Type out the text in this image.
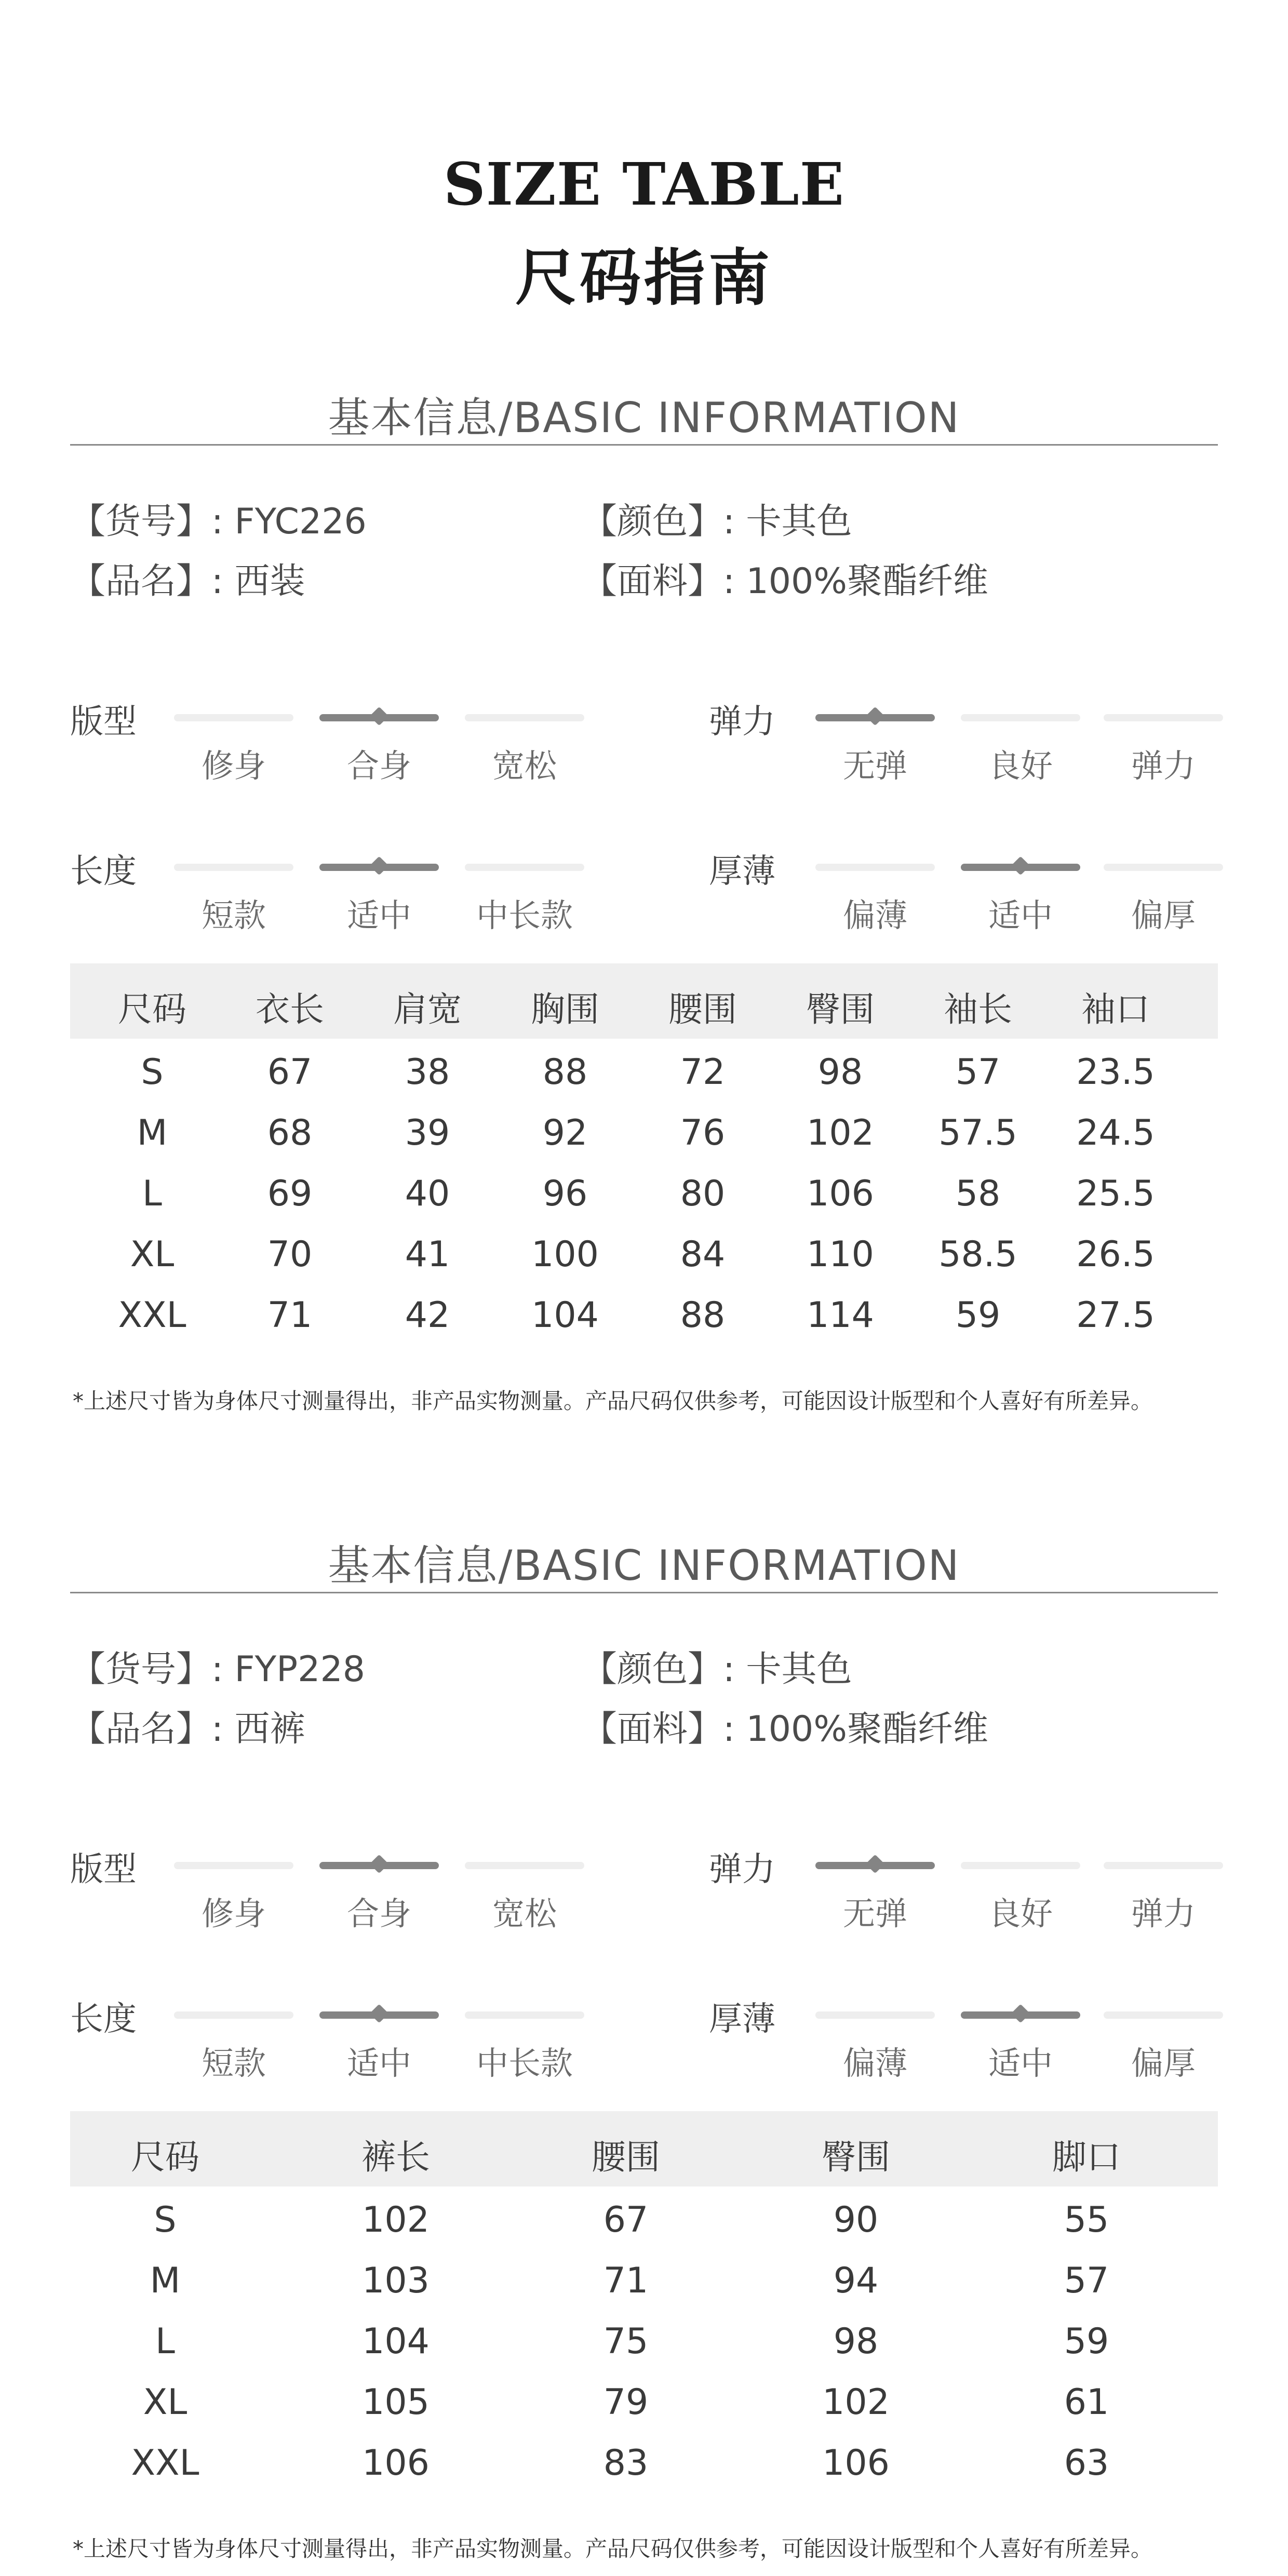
SIZE TABLE
尺码指南
基本信息/BASIC INFORMATION
【货号】: FYC226	【颜色】: 卡其色
【品名】: 西装	【面料】: 100%聚酯纤维
版型
修身	合身	宽松
弹力
无弹	良好	弹力
长度
短款	适中	中长款
厚薄
偏薄	适中	偏厚
尺码	衣长	肩宽	胸围	腰围	臀围	袖长	袖口
S	67	38	88	72	98	57	23.5
M	68	39	92	76	102	57.5	24.5
L	69	40	96	80	106	58	25.5
XL	70	41	100	84	110	58.5	26.5
XXL	71	42	104	88	114	59	27.5
*上述尺寸皆为身体尺寸测量得出，非产品实物测量。产品尺码仅供参考，可能因设计版型和个人喜好有所差异。
基本信息/BASIC INFORMATION
【货号】: FYP228	【颜色】: 卡其色
【品名】: 西裤	【面料】: 100%聚酯纤维
版型
修身	合身	宽松
弹力
无弹	良好	弹力
长度
短款	适中	中长款
厚薄
偏薄	适中	偏厚
尺码	裤长	腰围	臀围	脚口
S	102	67	90	55
M	103	71	94	57
L	104	75	98	59
XL	105	79	102	61
XXL	106	83	106	63
*上述尺寸皆为身体尺寸测量得出，非产品实物测量。产品尺码仅供参考，可能因设计版型和个人喜好有所差异。
